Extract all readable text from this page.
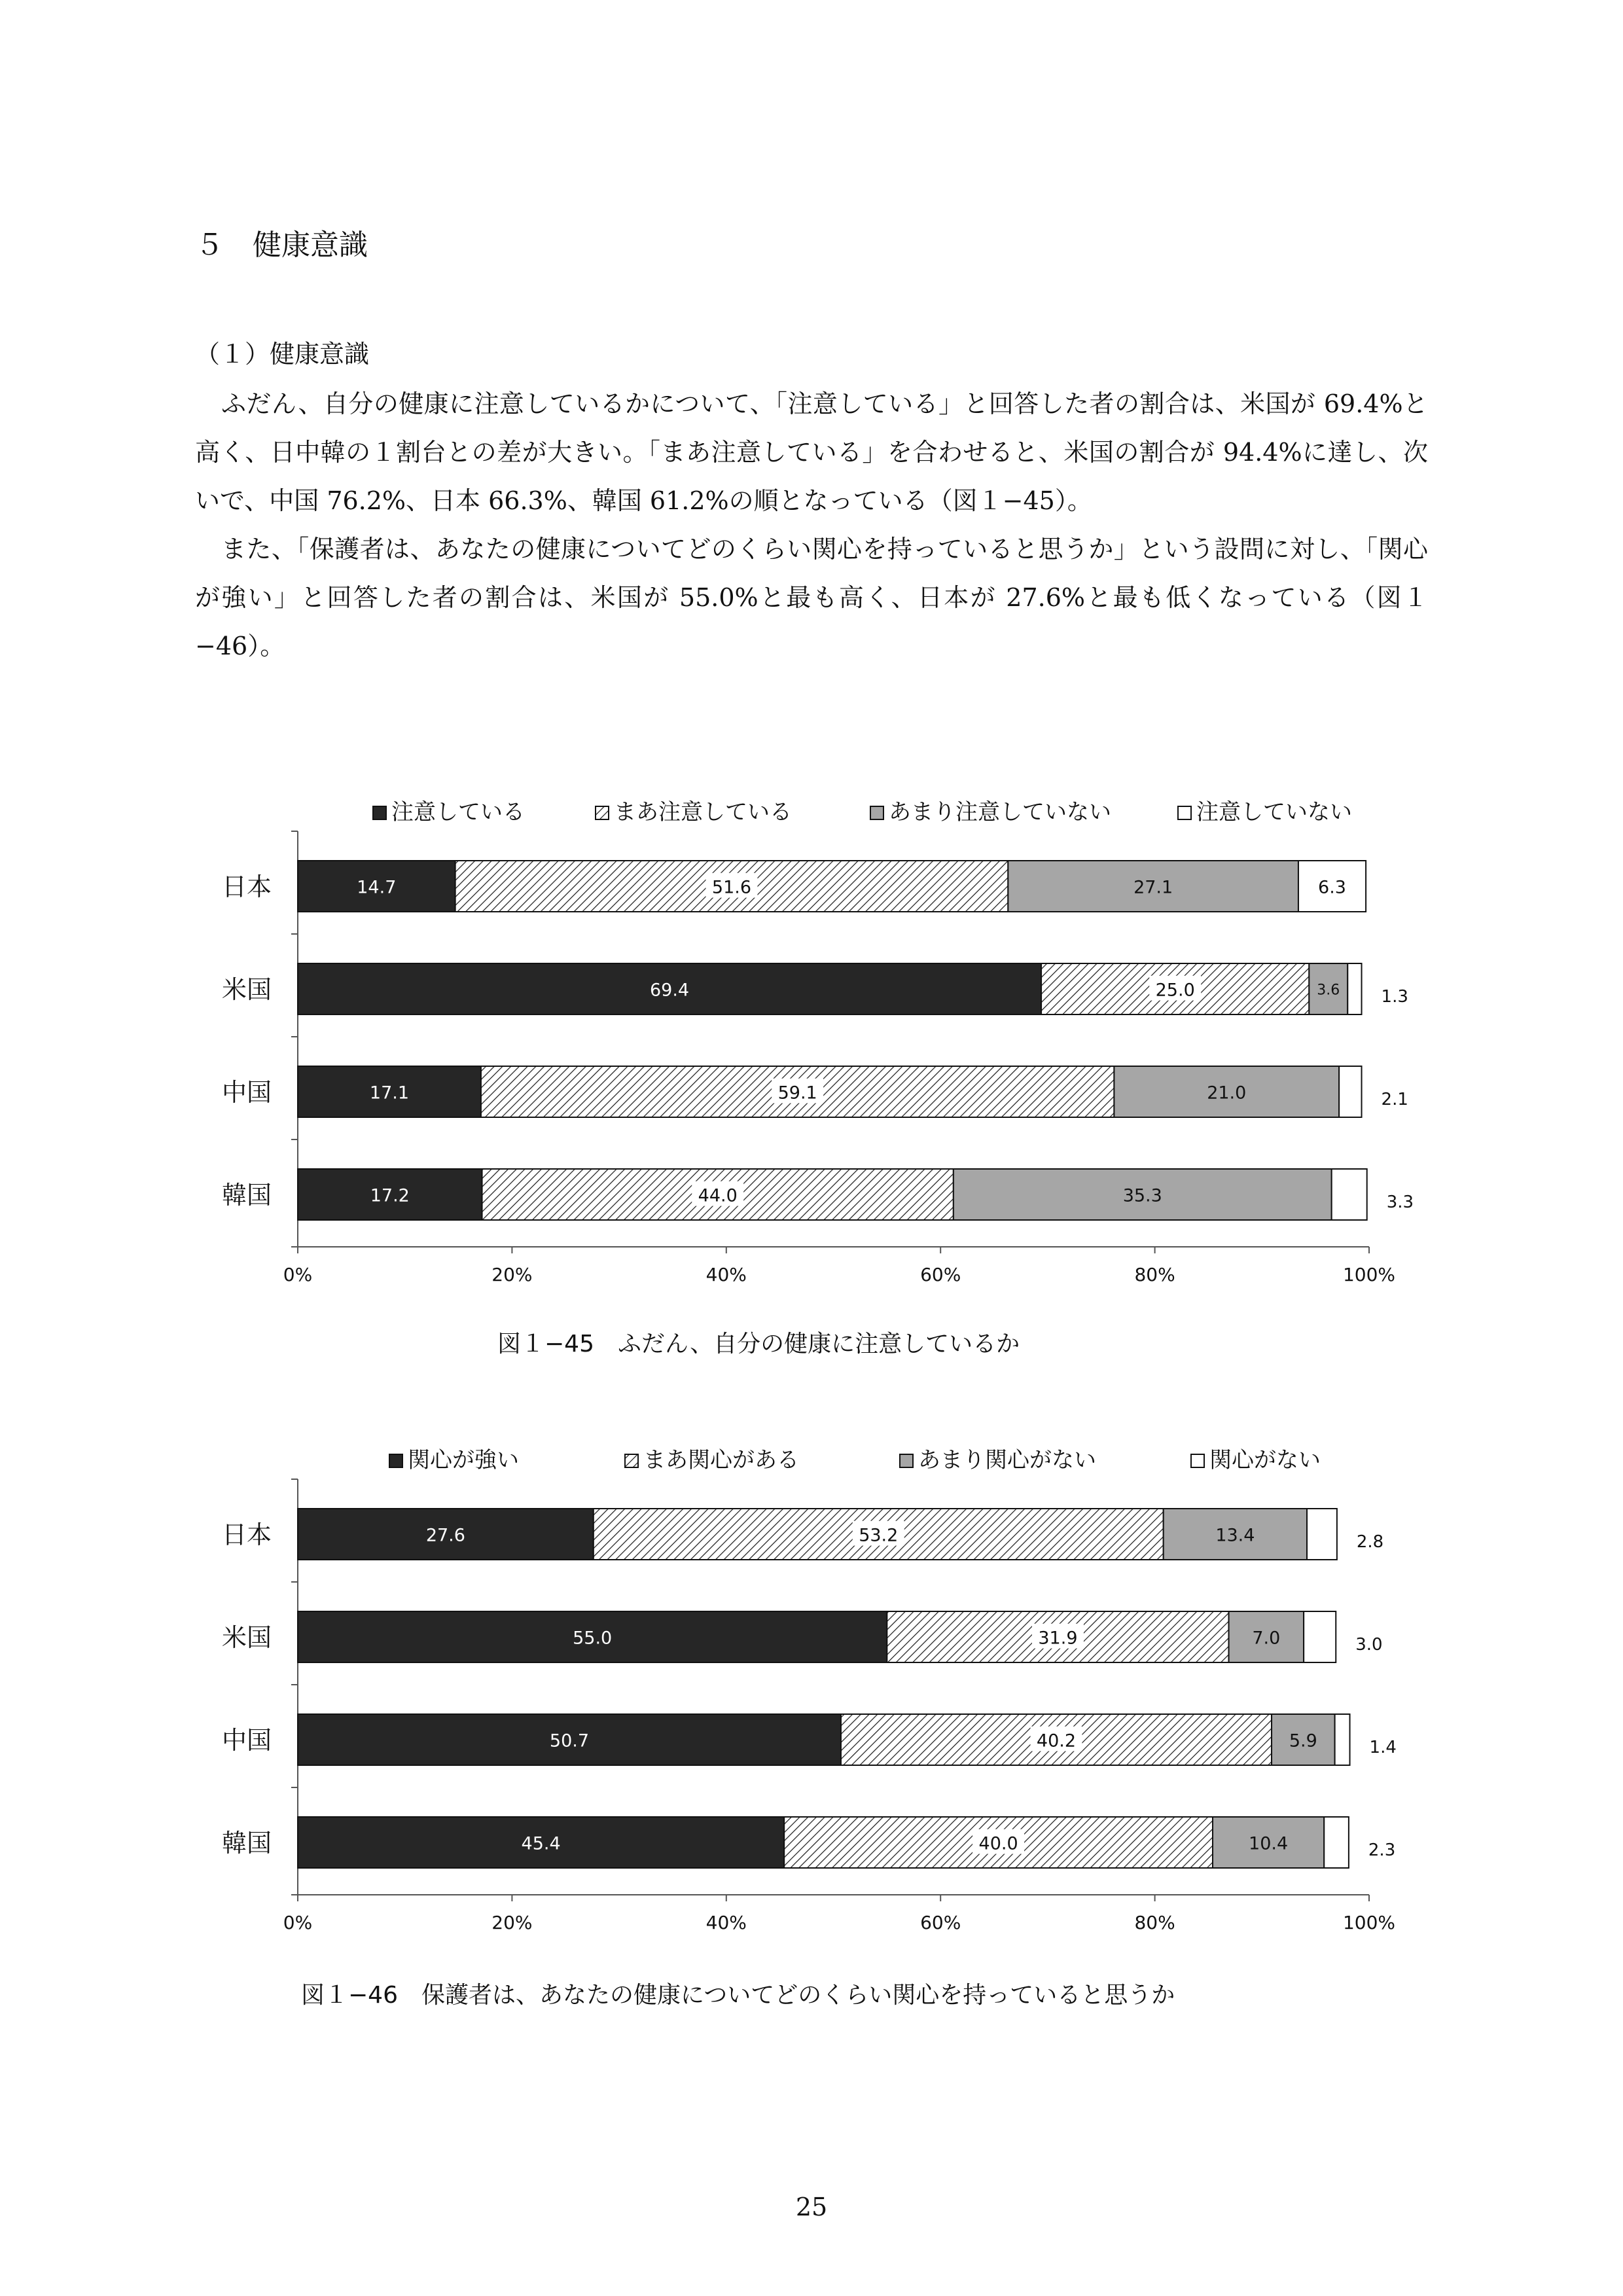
５　健康意識
（１）健康意識

ふだん、自分の健康に注意しているかについて、「注意している」と回答した者の割合は、米国が 69.4%と高く、日中韓の１割台との差が大きい。「まあ注意している」を合わせると、米国の割合が 94.4%に達し、次いで、中国 76.2%、日本 66.3%、韓国 61.2%の順となっている（図１−45）。

また、「保護者は、あなたの健康についてどのくらい関心を持っていると思うか」という設問に対し、「関心が強い」と回答した者の割合は、米国が 55.0%と最も高く、日本が 27.6%と最も低くなっている（図１−46）。

注意している	まあ注意している	あまり注意していない	注意していない
0%	20%	40%	60%	80%	100%
日本	14.7	51.6	27.1	6.3
米国	69.4	25.0	3.6 1.3
中国	17.1	59.1	21.0	2.1
韓国	17.2	44.0	35.3	3.3
図１−45　ふだん、自分の健康に注意しているか
関心が強い	まあ関心がある	あまり関心がない	関心がない
0%	20%	40%	60%	80%	100%
日本	27.6	53.2	13.4	2.8
米国	55.0	31.9	7.0	3.0
中国	50.7	40.2	5.9	1.4
韓国	45.4	40.0	10.4	2.3
図１−46　保護者は、あなたの健康についてどのくらい関心を持っていると思うか
25
